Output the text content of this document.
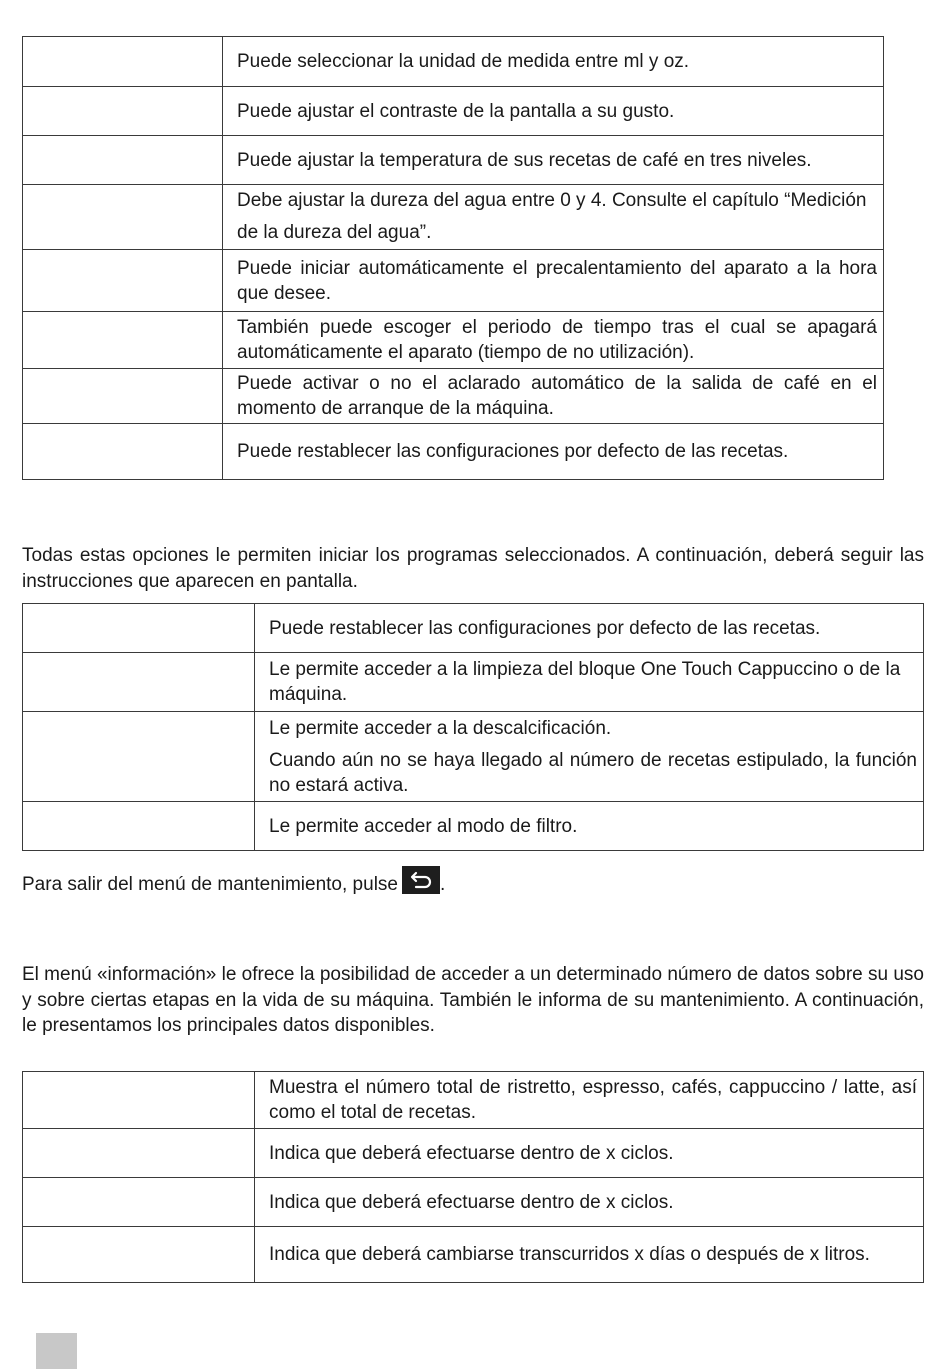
	Puede seleccionar la unidad de medida entre ml y oz.

	Puede ajustar el contraste de la pantalla a su gusto.

	Puede ajustar la temperatura de sus recetas de café en tres niveles.

	Debe ajustar la dureza del agua entre 0 y 4. Consulte el capítulo “Medición de la dureza del agua”.

	Puede iniciar automáticamente el precalentamiento del aparato a la hora que desee.

	También puede escoger el periodo de tiempo tras el cual se apagará automáticamente el aparato (tiempo de no utilización).

	Puede activar o no el aclarado automático de la salida de café en el momento de arranque de la máquina.

	Puede restablecer las configuraciones por defecto de las recetas.

Todas estas opciones le permiten iniciar los programas seleccionados. A continuación, deberá seguir las instrucciones que aparecen en pantalla.

	Puede restablecer las configuraciones por defecto de las recetas.

	Le permite acceder a la limpieza del bloque One Touch Cappuccino o de la máquina.

	Le permite acceder a la descalcificación.

Cuando aún no se haya llegado al número de recetas estipulado, la función no estará activa.

	Le permite acceder al modo de filtro.

Para salir del menú de mantenimiento, pulse .

El menú «información» le ofrece la posibilidad de acceder a un determinado número de datos sobre su uso y sobre ciertas etapas en la vida de su máquina. También le informa de su mantenimiento. A continuación, le presentamos los principales datos disponibles.

	Muestra el número total de ristretto, espresso, cafés, cappuccino / latte, así como el total de recetas.

	Indica que deberá efectuarse dentro de x ciclos.

	Indica que deberá efectuarse dentro de x ciclos.

	Indica que deberá cambiarse transcurridos x días o después de x litros.
